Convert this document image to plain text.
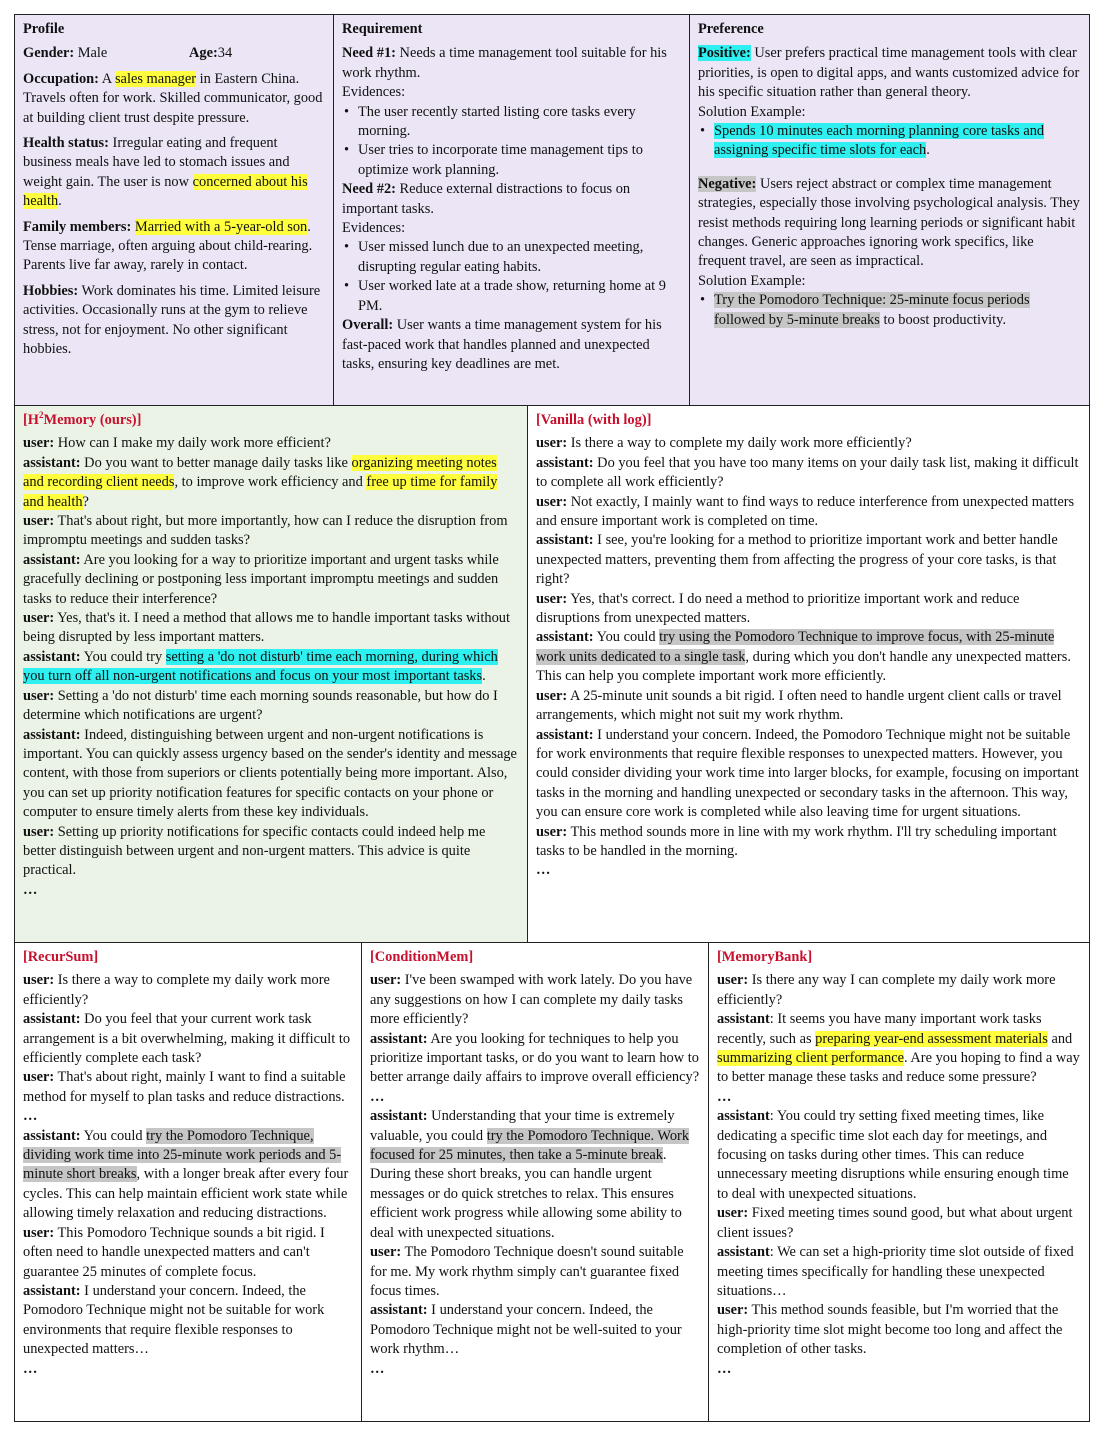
Profile
Gender: Male	Age:34

Occupation: A sales manager in Eastern China. Travels often for work. Skilled communicator, good at building client trust despite pressure.

Health status: Irregular eating and frequent business meals have led to stomach issues and weight gain. The user is now concerned about his health.

Family members: Married with a 5-year-old son. Tense marriage, often arguing about child-rearing. Parents live far away, rarely in contact.

Hobbies: Work dominates his time. Limited leisure activities. Occasionally runs at the gym to relieve stress, not for enjoyment. No other significant hobbies.

Requirement

Need #1: Needs a time management tool suitable for his work rhythm.

Evidences:

• The user recently started listing core tasks every morning.
• User tries to incorporate time management tips to optimize work planning.

Need #2: Reduce external distractions to focus on important tasks.

Evidences:

• User missed lunch due to an unexpected meeting, disrupting regular eating habits.
• User worked late at a trade show, returning home at 9 PM.

Overall: User wants a time management system for his fast-paced work that handles planned and unexpected tasks, ensuring key deadlines are met.

Preference

Positive: User prefers practical time management tools with clear priorities, is open to digital apps, and wants customized advice for his specific situation rather than general theory.

Solution Example:

• Spends 10 minutes each morning planning core tasks and assigning specific time slots for each.

Negative: Users reject abstract or complex time management strategies, especially those involving psychological analysis. They resist methods requiring long learning periods or significant habit changes. Generic approaches ignoring work specifics, like frequent travel, are seen as impractical.

Solution Example:

• Try the Pomodoro Technique: 25-minute focus periods followed by 5-minute breaks to boost productivity.
[$H^2Memory$ (ours)]

user: How can I make my daily work more efficient?

assistant: Do you want to better manage daily tasks like organizing meeting notes and recording client needs, to improve work efficiency and free up time for family and health?

user: That's about right, but more importantly, how can I reduce the disruption from impromptu meetings and sudden tasks?

assistant: Are you looking for a way to prioritize important and urgent tasks while gracefully declining or postponing less important impromptu meetings and sudden tasks to reduce their interference?

user: Yes, that's it. I need a method that allows me to handle important tasks without being disrupted by less important matters.

assistant: You could try setting a 'do not disturb' time each morning, during which you turn off all non-urgent notifications and focus on your most important tasks.

user: Setting a 'do not disturb' time each morning sounds reasonable, but how do I determine which notifications are urgent?

assistant: Indeed, distinguishing between urgent and non-urgent notifications is important. You can quickly assess urgency based on the sender's identity and message content, with those from superiors or clients potentially being more important. Also, you can set up priority notification features for specific contacts on your phone or computer to ensure timely alerts from these key individuals.

user: Setting up priority notifications for specific contacts could indeed help me better distinguish between urgent and non-urgent matters. This advice is quite practical.

…

[Vanilla (with log)]

user: Is there a way to complete my daily work more efficiently?

assistant: Do you feel that you have too many items on your daily task list, making it difficult to complete all work efficiently?

user: Not exactly, I mainly want to find ways to reduce interference from unexpected matters and ensure important work is completed on time.

assistant: I see, you're looking for a method to prioritize important work and better handle unexpected matters, preventing them from affecting the progress of your core tasks, is that right?

user: Yes, that's correct. I do need a method to prioritize important work and reduce disruptions from unexpected matters.

assistant: You could try using the Pomodoro Technique to improve focus, with 25-minute work units dedicated to a single task, during which you don't handle any unexpected matters. This can help you complete important work more efficiently.

user: A 25-minute unit sounds a bit rigid. I often need to handle urgent client calls or travel arrangements, which might not suit my work rhythm.

assistant: I understand your concern. Indeed, the Pomodoro Technique might not be suitable for work environments that require flexible responses to unexpected matters. However, you could consider dividing your work time into larger blocks, for example, focusing on important tasks in the morning and handling unexpected or secondary tasks in the afternoon. This way, you can ensure core work is completed while also leaving time for urgent situations.

user: This method sounds more in line with my work rhythm. I'll try scheduling important tasks to be handled in the morning.

…

[RecurSum]

user: Is there a way to complete my daily work more efficiently?

assistant: Do you feel that your current work task arrangement is a bit overwhelming, making it difficult to efficiently complete each task?

user: That's about right, mainly I want to find a suitable method for myself to plan tasks and reduce distractions.

…

assistant: You could try the Pomodoro Technique, dividing work time into 25-minute work periods and 5-minute short breaks, with a longer break after every four cycles. This can help maintain efficient work state while allowing timely relaxation and reducing distractions.

user: This Pomodoro Technique sounds a bit rigid. I often need to handle unexpected matters and can't guarantee 25 minutes of complete focus.

assistant: I understand your concern. Indeed, the Pomodoro Technique might not be suitable for work environments that require flexible responses to unexpected matters…

…

[ConditionMem]

user: I've been swamped with work lately. Do you have any suggestions on how I can complete my daily tasks more efficiently?

assistant: Are you looking for techniques to help you prioritize important tasks, or do you want to learn how to better arrange daily affairs to improve overall efficiency?

…

assistant: Understanding that your time is extremely valuable, you could try the Pomodoro Technique. Work focused for 25 minutes, then take a 5-minute break. During these short breaks, you can handle urgent messages or do quick stretches to relax. This ensures efficient work progress while allowing some ability to deal with unexpected situations.

user: The Pomodoro Technique doesn't sound suitable for me. My work rhythm simply can't guarantee fixed focus times.

assistant: I understand your concern. Indeed, the Pomodoro Technique might not be well-suited to your work rhythm…

…

[MemoryBank]

user: Is there any way I can complete my daily work more efficiently?

assistant: It seems you have many important work tasks recently, such as preparing year-end assessment materials and summarizing client performance. Are you hoping to find a way to better manage these tasks and reduce some pressure?

…

assistant: You could try setting fixed meeting times, like dedicating a specific time slot each day for meetings, and focusing on tasks during other times. This can reduce unnecessary meeting disruptions while ensuring enough time to deal with unexpected situations.

user: Fixed meeting times sound good, but what about urgent client issues?

assistant: We can set a high-priority time slot outside of fixed meeting times specifically for handling these unexpected situations…

user: This method sounds feasible, but I'm worried that the high-priority time slot might become too long and affect the completion of other tasks.

…
